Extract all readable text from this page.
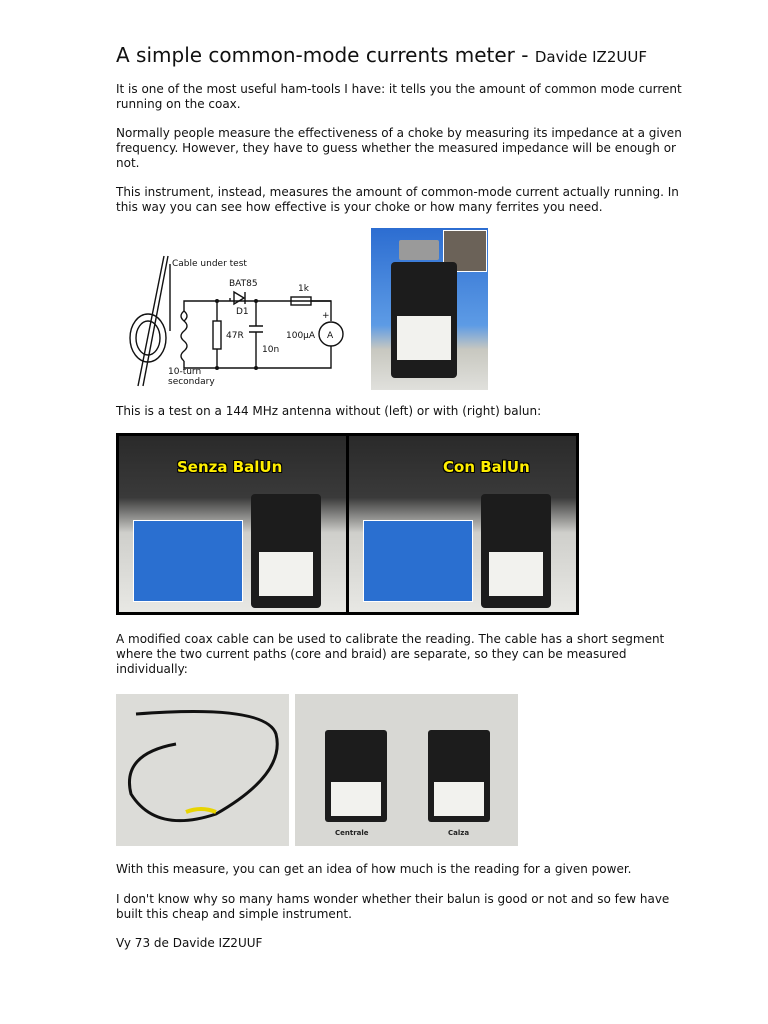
A simple common-mode currents meter - Davide IZ2UUF

It is one of the most useful ham-tools I have: it tells you the amount of common mode current running on the coax.

Normally people measure the effectiveness of a choke by measuring its impedance at a given frequency. However, they have to guess whether the measured impedance will be enough or not.

This instrument, instead, measures the amount of common-mode current actually running. In this way you can see how effective is your choke or how many ferrites you need.

Cable under test
BAT85
D1
1k
47R	100µA A
+
10n
10-turn
secondary

This is a test on a 144 MHz antenna without (left) or with (right) balun:

Senza BalUn	Con BalUn

A modified coax cable can be used to calibrate the reading. The cable has a short segment where the two current paths (core and braid) are separate, so they can be measured individually:

Centrale	Calza

With this measure, you can get an idea of how much is the reading for a given power.

I don't know why so many hams wonder whether their balun is good or not and so few have built this cheap and simple instrument.

Vy 73 de Davide IZ2UUF
